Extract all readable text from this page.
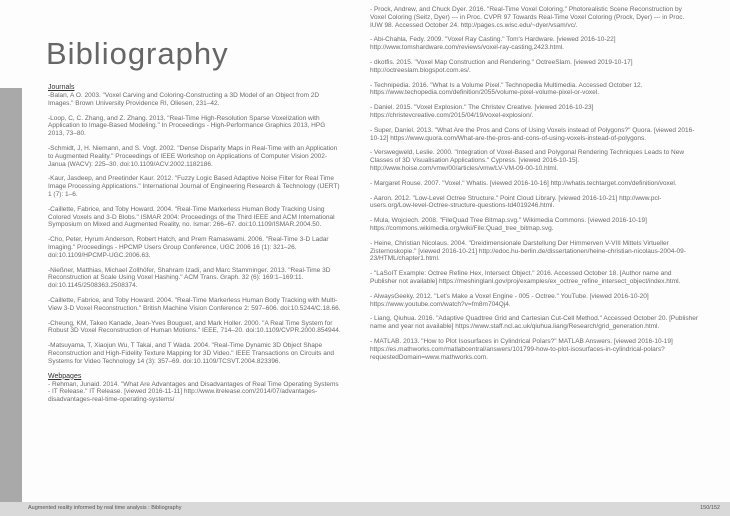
Bibliography

Journals

-Balan, A O. 2003. "Voxel Carving and Coloring-Constructing a 3D Model of an Object from 2D Images." Brown University Providence RI, Oliesen, 231–42.

-Loop, C, C. Zhang, and Z. Zhang. 2013. "Real-Time High-Resolution Sparse Voxelization with Application to Image-Based Modeling." In Proceedings - High-Performance Graphics 2013, HPG 2013, 73–80.

-Schmidt, J, H. Niemann, and S. Vogt. 2002. "Dense Disparity Maps in Real-Time with an Application to Augmented Reality." Proceedings of IEEE Workshop on Applications of Computer Vision 2002-Janua (WACV): 225–30. doi:10.1109/ACV.2002.1182186.

-Kaur, Jasdeep, and Preetinder Kaur. 2012. "Fuzzy Logic Based Adaptive Noise Filter for Real Time Image Processing Applications." International Journal of Engineering Research & Technology (IJERT) 1 (7): 1–6.

-Caillette, Fabrice, and Toby Howard. 2004. "Real-Time Markerless Human Body Tracking Using Colored Voxels and 3-D Blobs." ISMAR 2004: Proceedings of the Third IEEE and ACM International Symposium on Mixed and Augmented Reality, no. Ismar: 266–67. doi:10.1109/ISMAR.2004.50.

-Cho, Peter, Hyrum Anderson, Robert Hatch, and Prem Ramaswami. 2006. "Real-Time 3-D Ladar Imaging." Proceedings - HPCMP Users Group Conference, UGC 2006 16 (1): 321–26. doi:10.1109/HPCMP-UGC.2006.63.

-Nießner, Matthias, Michael Zollhöfer, Shahram Izadi, and Marc Stamminger. 2013. "Real-Time 3D Reconstruction at Scale Using Voxel Hashing." ACM Trans. Graph. 32 (6): 169:1–169:11. doi:10.1145/2508363.2508374.

-Caillette, Fabrice, and Toby Howard. 2004. "Real-Time Markerless Human Body Tracking with Multi-View 3-D Voxel Reconstruction." British Machine Vision Conference 2: 597–606. doi:10.5244/C.18.66.

-Cheung, KM, Takeo Kanade, Jean-Yves Bouguet, and Mark Holler. 2000. "A Real Time System for Robust 3D Voxel Reconstruction of Human Motions." IEEE, 714–20. doi:10.1109/CVPR.2000.854944.

-Matsuyama, T, Xiaojun Wu, T Takai, and T Wada. 2004. "Real-Time Dynamic 3D Object Shape Reconstruction and High-Fidelity Texture Mapping for 3D Video." IEEE Transactions on Circuits and Systems for Video Technology 14 (3): 357–69. doi:10.1109/TCSVT.2004.823396.

Webpages

- Rehman, Junaid. 2014. "What Are Advantages and Disadvantages of Real Time Operating Systems - IT Release." IT Release. [viewed 2016-11-11] http://www.itrelease.com/2014/07/advantages-disadvantages-real-time-operating-systems/

- Prock, Andrew, and Chuck Dyer. 2016. "Real-Time Voxel Coloring." Photorealistic Scene Reconstruction by Voxel Coloring (Seitz, Dyer) --- in Proc. CVPR 97 Towards Real-Time Voxel Coloring (Prock, Dyer) --- in Proc. IUW 98. Accessed October 24. http://pages.cs.wisc.edu/~dyer/vsam/vc/.

- Abi-Chahla, Fedy. 2009. "Voxel Ray Casting." Tom's Hardware. [viewed 2016-10-22] http://www.tomshardware.com/reviews/voxel-ray-casting,2423.html.

- dkotfis. 2015. "Voxel Map Construction and Rendering." OctreeSlam. [viewed 2019-10-17] http://octreeslam.blogspot.com.es/.

- Technipedia. 2016. "What Is a Volume Pixel." Technopedia Multimedia. Accessed October 12. https://www.techopedia.com/definition/2055/volume-pixel-volume-pixel-or-voxel.

- Daniel. 2015. "Voxel Explosion." The Christev Creative. [viewed 2016-10-23] https://christevcreative.com/2015/04/19/voxel-explosion/.

- Super, Daniel. 2013. "What Are the Pros and Cons of Using Voxels instead of Polygons?" Quora. [viewed 2016-10-12] https://www.quora.com/What-are-the-pros-and-cons-of-using-voxels-instead-of-polygons.

- Verswegweld, Leslie. 2000. "Integration of Voxel-Based and Polygonal Rendering Techniques Leads to New Classes of 3D Visualisation Applications." Cypress. [viewed 2016-10-15]. http://www.hoise.com/vmw/00/articles/vmw/LV-VM-09-00-10.html.

- Margaret Rouse. 2007. "Voxel." Whatis. [viewed 2016-10-16] http://whatis.techtarget.com/definition/voxel.

- Aaron. 2012. "Low-Level Octree Structure." Point Cloud Library. [viewed 2016-10-21] http://www.pcl-users.org/Low-level-Octree-structure-questions-td4019246.html.

- Mula, Wojciech. 2008. "FileQuad Tree Bitmap.svg." Wikimedia Commons. [viewed 2016-10-19] https://commons.wikimedia.org/wiki/File:Quad_tree_bitmap.svg.

- Heine, Christian Nicolaus. 2004. "Dreidimensionale Darstellung Der Himmerven V-VIII Mittels Virtueller Zisternoskopie." [viewed 2016-10-21] http://edoc.hu-berlin.de/dissertationen/heine-christian-nicolaus-2004-09-23/HTML/chapter1.html.

- "LaSoIT Example: Octree Refine Hex, Intersect Object." 2016. Accessed October 18. [Author name and Publisher not available] https://meshinglanl.gov/proj/examples/ex_octree_refine_intersect_object/index.html.

- AlwaysGeeky. 2012. "Let's Make a Voxel Engine - 005 - Octree." YouTube. [viewed 2016-10-20] https://www.youtube.com/watch?v=fm8m704Qj4.

- Liang, Qiuhua. 2016. "Adaptive Quadtree Grid and Cartesian Cut-Cell Method." Accessed October 20. [Publisher name and year not available] https://www.staff.ncl.ac.uk/qiuhua.liang/Research/grid_generation.html.

- MATLAB. 2013. "How to Plot Isosurfaces in Cylindrical Polars?" MATLAB Answers. [viewed 2016-10-19] https://es.mathworks.com/matlabcentral/answers/101799-how-to-plot-isosurfaces-in-cylindrical-polars?requestedDomain=www.mathworks.com.

Augmented reality informed by real time analysis : Bibliography	150/152
